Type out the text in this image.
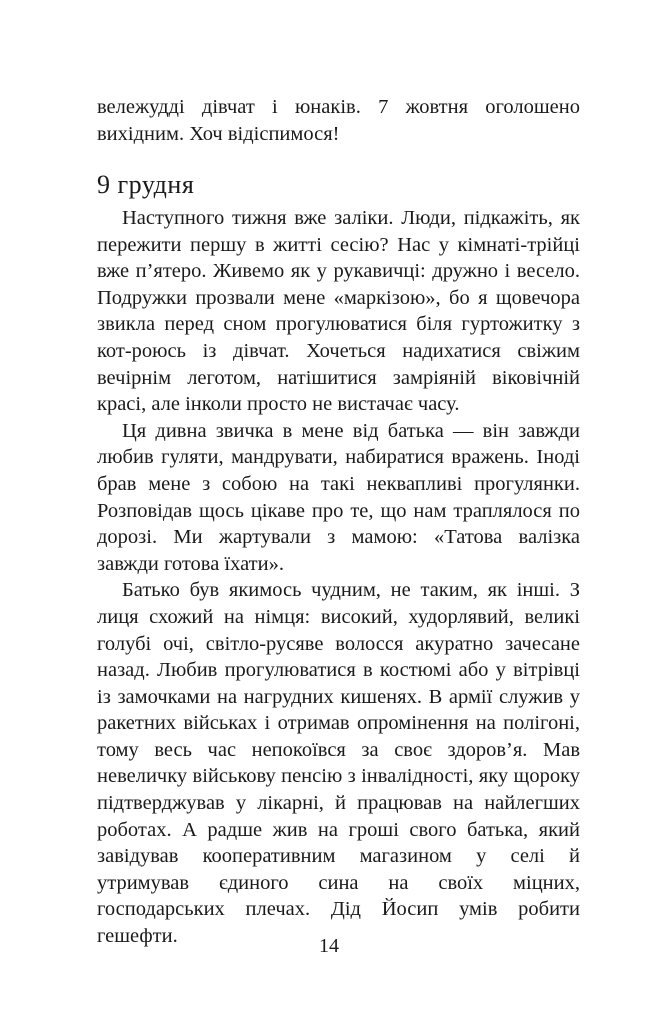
вележудді дівчат і юнаків. 7 жовтня оголошено вихідним. Хоч відіспимося!

9 грудня

Наступного тижня вже заліки. Люди, підкажіть, як пережити першу в житті сесію? Нас у кімнаті-трійці вже п’ятеро. Живемо як у рукавичці: дружно і весело. Подружки прозвали мене «маркізою», бо я щовечора звикла перед сном прогулюватися біля гуртожитку з кот-роюсь із дівчат. Хочеться надихатися свіжим вечірнім леготом, натішитися замріяній віковічній красі, але інколи просто не вистачає часу.

Ця дивна звичка в мене від батька — він завжди любив гуляти, мандрувати, набиратися вражень. Іноді брав мене з собою на такі неквапливі прогулянки. Розповідав щось цікаве про те, що нам траплялося по дорозі. Ми жартували з мамою: «Татова валізка завжди готова їхати».

Батько був якимось чудним, не таким, як інші. З лиця схожий на німця: високий, худорлявий, великі голубі очі, світло-русяве волосся акуратно зачесане назад. Любив прогулюватися в костюмі або у вітрівці із замочками на нагрудних кишенях. В армії служив у ракетних військах і отримав опромінення на полігоні, тому весь час непокоївся за своє здоров’я. Мав невеличку військову пенсію з інвалідності, яку щороку підтверджував у лікарні, й працював на найлегших роботах. А радше жив на гроші свого батька, який завідував кооперативним магазином у селі й утримував єдиного сина на своїх міцних, господарських плечах. Дід Йосип умів робити гешефти.	14
